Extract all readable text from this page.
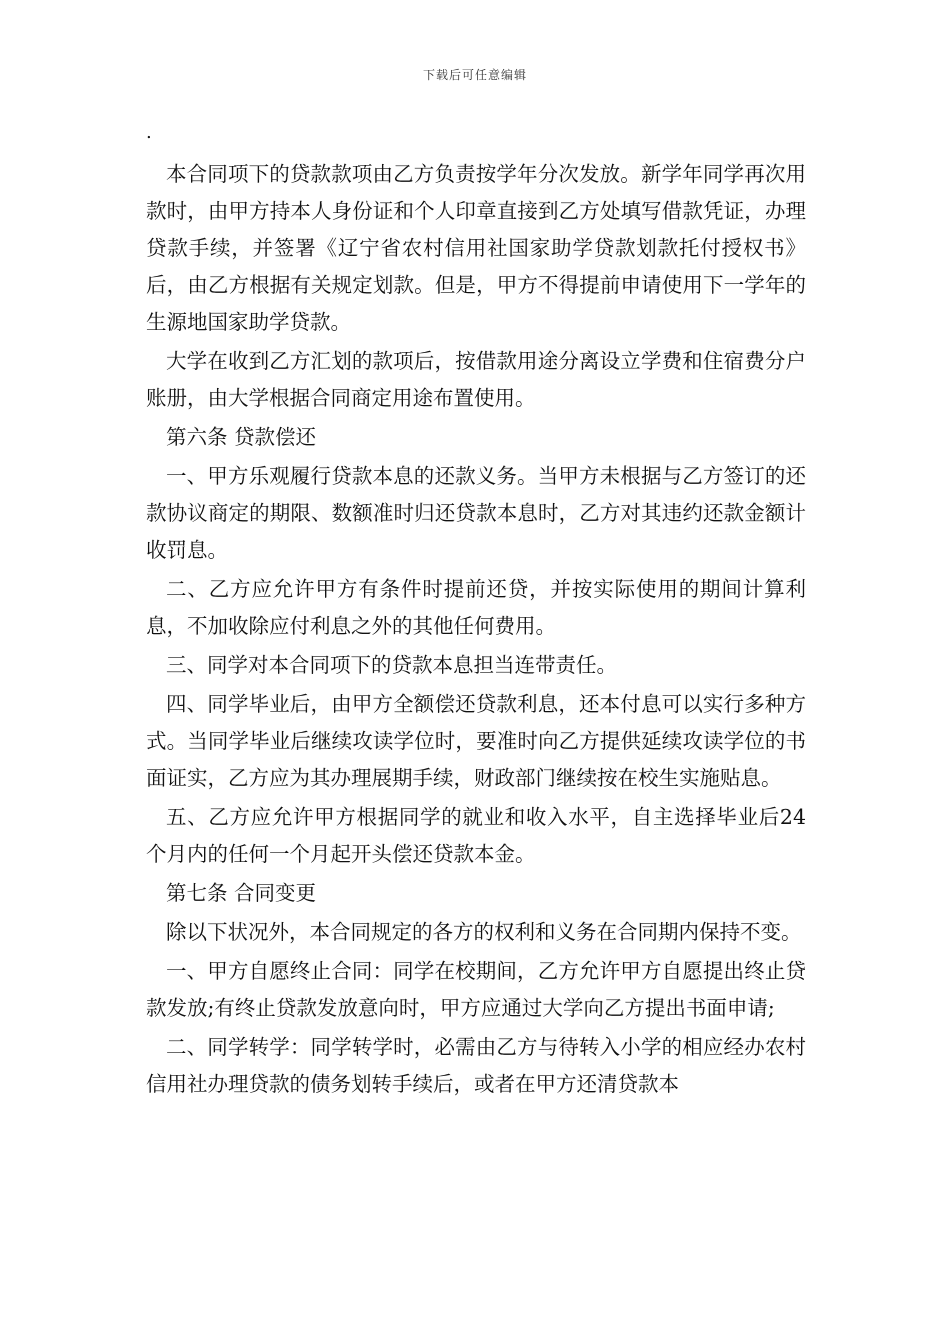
下载后可任意编辑
.

本合同项下的贷款款项由乙方负责按学年分次发放。新学年同学再次用款时，由甲方持本人身份证和个人印章直接到乙方处填写借款凭证，办理贷款手续，并签署《辽宁省农村信用社国家助学贷款划款托付授权书》后，由乙方根据有关规定划款。但是，甲方不得提前申请使用下一学年的生源地国家助学贷款。

大学在收到乙方汇划的款项后，按借款用途分离设立学费和住宿费分户账册，由大学根据合同商定用途布置使用。

第六条 贷款偿还

一、甲方乐观履行贷款本息的还款义务。当甲方未根据与乙方签订的还款协议商定的期限、数额准时归还贷款本息时，乙方对其违约还款金额计收罚息。

二、乙方应允许甲方有条件时提前还贷，并按实际使用的期间计算利息，不加收除应付利息之外的其他任何费用。

三、同学对本合同项下的贷款本息担当连带责任。

四、同学毕业后，由甲方全额偿还贷款利息，还本付息可以实行多种方式。当同学毕业后继续攻读学位时，要准时向乙方提供延续攻读学位的书面证实，乙方应为其办理展期手续，财政部门继续按在校生实施贴息。

五、乙方应允许甲方根据同学的就业和收入水平，自主选择毕业后24个月内的任何一个月起开头偿还贷款本金。

第七条 合同变更

除以下状况外，本合同规定的各方的权利和义务在合同期内保持不变。

一、甲方自愿终止合同：同学在校期间，乙方允许甲方自愿提出终止贷款发放;有终止贷款发放意向时，甲方应通过大学向乙方提出书面申请;

二、同学转学：同学转学时，必需由乙方与待转入小学的相应经办农村信用社办理贷款的债务划转手续后，或者在甲方还清贷款本
